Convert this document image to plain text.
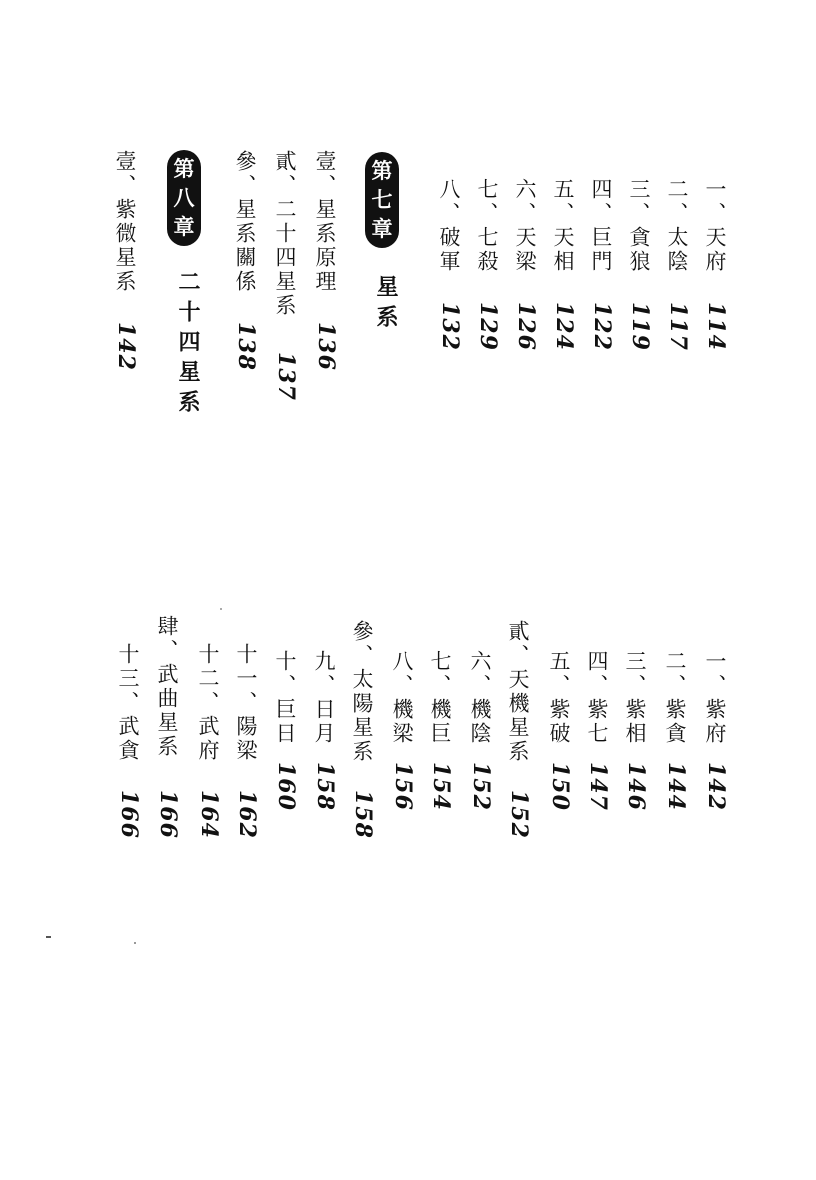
一、天府
114
二、太陰
117
三、貪狼
119
四、巨門
122
五、天相
124
六、天梁
126
七、七殺
129
八、破軍
132
第
七
章
星系
壹、星系原理
136
貳、二十四星系
137
參、星系關係
138
第
八
章
二十四星系
壹、紫微星系
142
一、紫府
142
二、紫貪
144
三、紫相
146
四、紫七
147
五、紫破
150
貳、天機星系
152
六、機陰
152
七、機巨
154
八、機梁
156
參、太陽星系
158
九、日月
158
十、巨日
160
十一、陽梁
162
十二、武府
164
肆、武曲星系
166
十三、武貪
166
